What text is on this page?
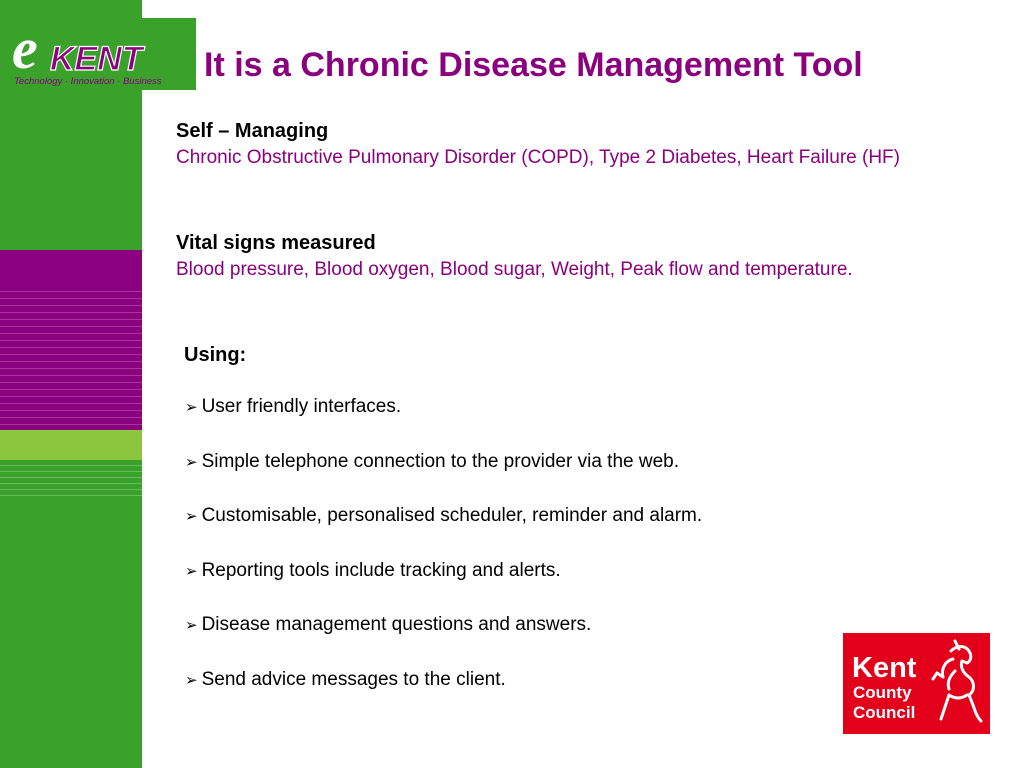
e KENT
Technology · Innovation · Business It is a Chronic Disease Management Tool

Self – Managing

Chronic Obstructive Pulmonary Disorder (COPD), Type 2 Diabetes, Heart Failure (HF)

Vital signs measured

Blood pressure, Blood oxygen, Blood sugar, Weight, Peak flow and temperature.

Using:

➢ User friendly interfaces.
➢ Simple telephone connection to the provider via the web.
➢ Customisable, personalised scheduler, reminder and alarm.
➢ Reporting tools include tracking and alerts.
➢ Disease management questions and answers.
➢ Send advice messages to the client.	Kent
County
Council
